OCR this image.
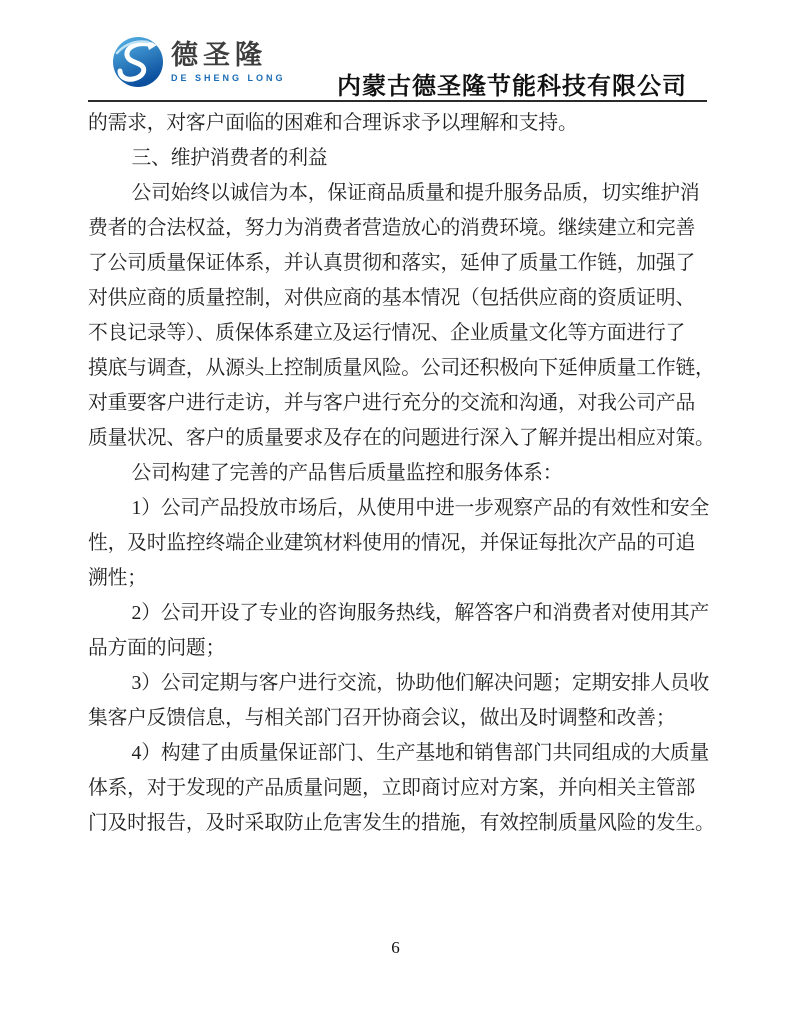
德圣隆
DE SHENG LONG 内蒙古德圣隆节能科技有限公司
的需求，对客户面临的困难和合理诉求予以理解和支持。
三、维护消费者的利益
公司始终以诚信为本，保证商品质量和提升服务品质，切实维护消
费者的合法权益，努力为消费者营造放心的消费环境。继续建立和完善
了公司质量保证体系，并认真贯彻和落实，延伸了质量工作链，加强了
对供应商的质量控制，对供应商的基本情况（包括供应商的资质证明、
不良记录等）、质保体系建立及运行情况、企业质量文化等方面进行了
摸底与调查，从源头上控制质量风险。公司还积极向下延伸质量工作链，
对重要客户进行走访，并与客户进行充分的交流和沟通，对我公司产品
质量状况、客户的质量要求及存在的问题进行深入了解并提出相应对策。
公司构建了完善的产品售后质量监控和服务体系：
1）公司产品投放市场后，从使用中进一步观察产品的有效性和安全
性，及时监控终端企业建筑材料使用的情况，并保证每批次产品的可追
溯性；
2）公司开设了专业的咨询服务热线，解答客户和消费者对使用其产
品方面的问题；
3）公司定期与客户进行交流，协助他们解决问题；定期安排人员收
集客户反馈信息，与相关部门召开协商会议，做出及时调整和改善；
4）构建了由质量保证部门、生产基地和销售部门共同组成的大质量
体系，对于发现的产品质量问题，立即商讨应对方案，并向相关主管部
门及时报告，及时采取防止危害发生的措施，有效控制质量风险的发生。
6
